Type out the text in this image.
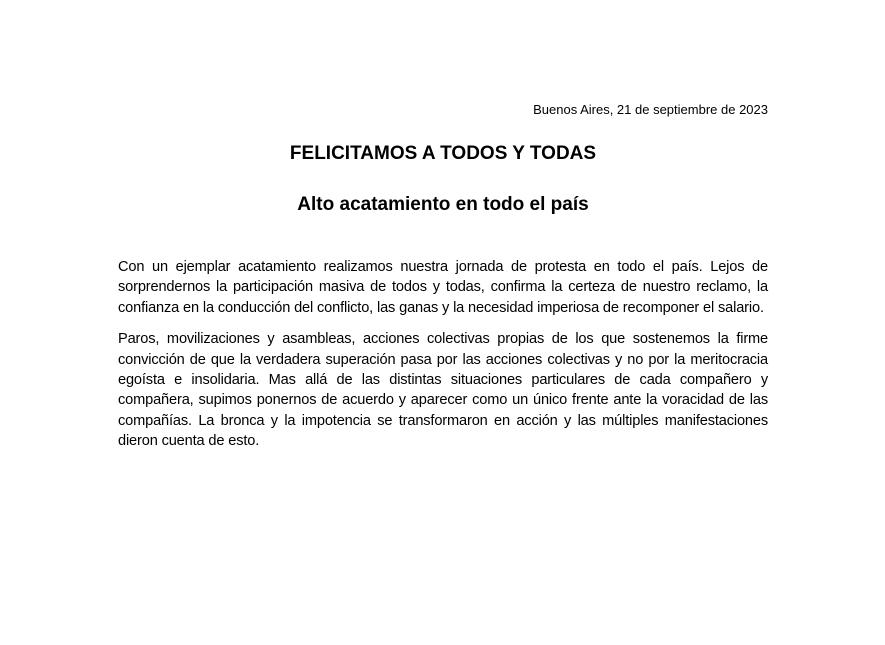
Buenos Aires, 21 de septiembre de 2023
FELICITAMOS A TODOS Y TODAS
Alto acatamiento en todo el país

Con un ejemplar acatamiento realizamos nuestra jornada de protesta en todo el país. Lejos de sorprendernos la participación masiva de todos y todas, confirma la certeza de nuestro reclamo, la confianza en la conducción del conflicto, las ganas y la necesidad imperiosa de recomponer el salario.

Paros, movilizaciones y asambleas, acciones colectivas propias de los que sostenemos la firme convicción de que la verdadera superación pasa por las acciones colectivas y no por la meritocracia egoísta e insolidaria. Mas allá de las distintas situaciones particulares de cada compañero y compañera, supimos ponernos de acuerdo y aparecer como un único frente ante la voracidad de las compañías. La bronca y la impotencia se transformaron en acción y las múltiples manifestaciones dieron cuenta de esto.
